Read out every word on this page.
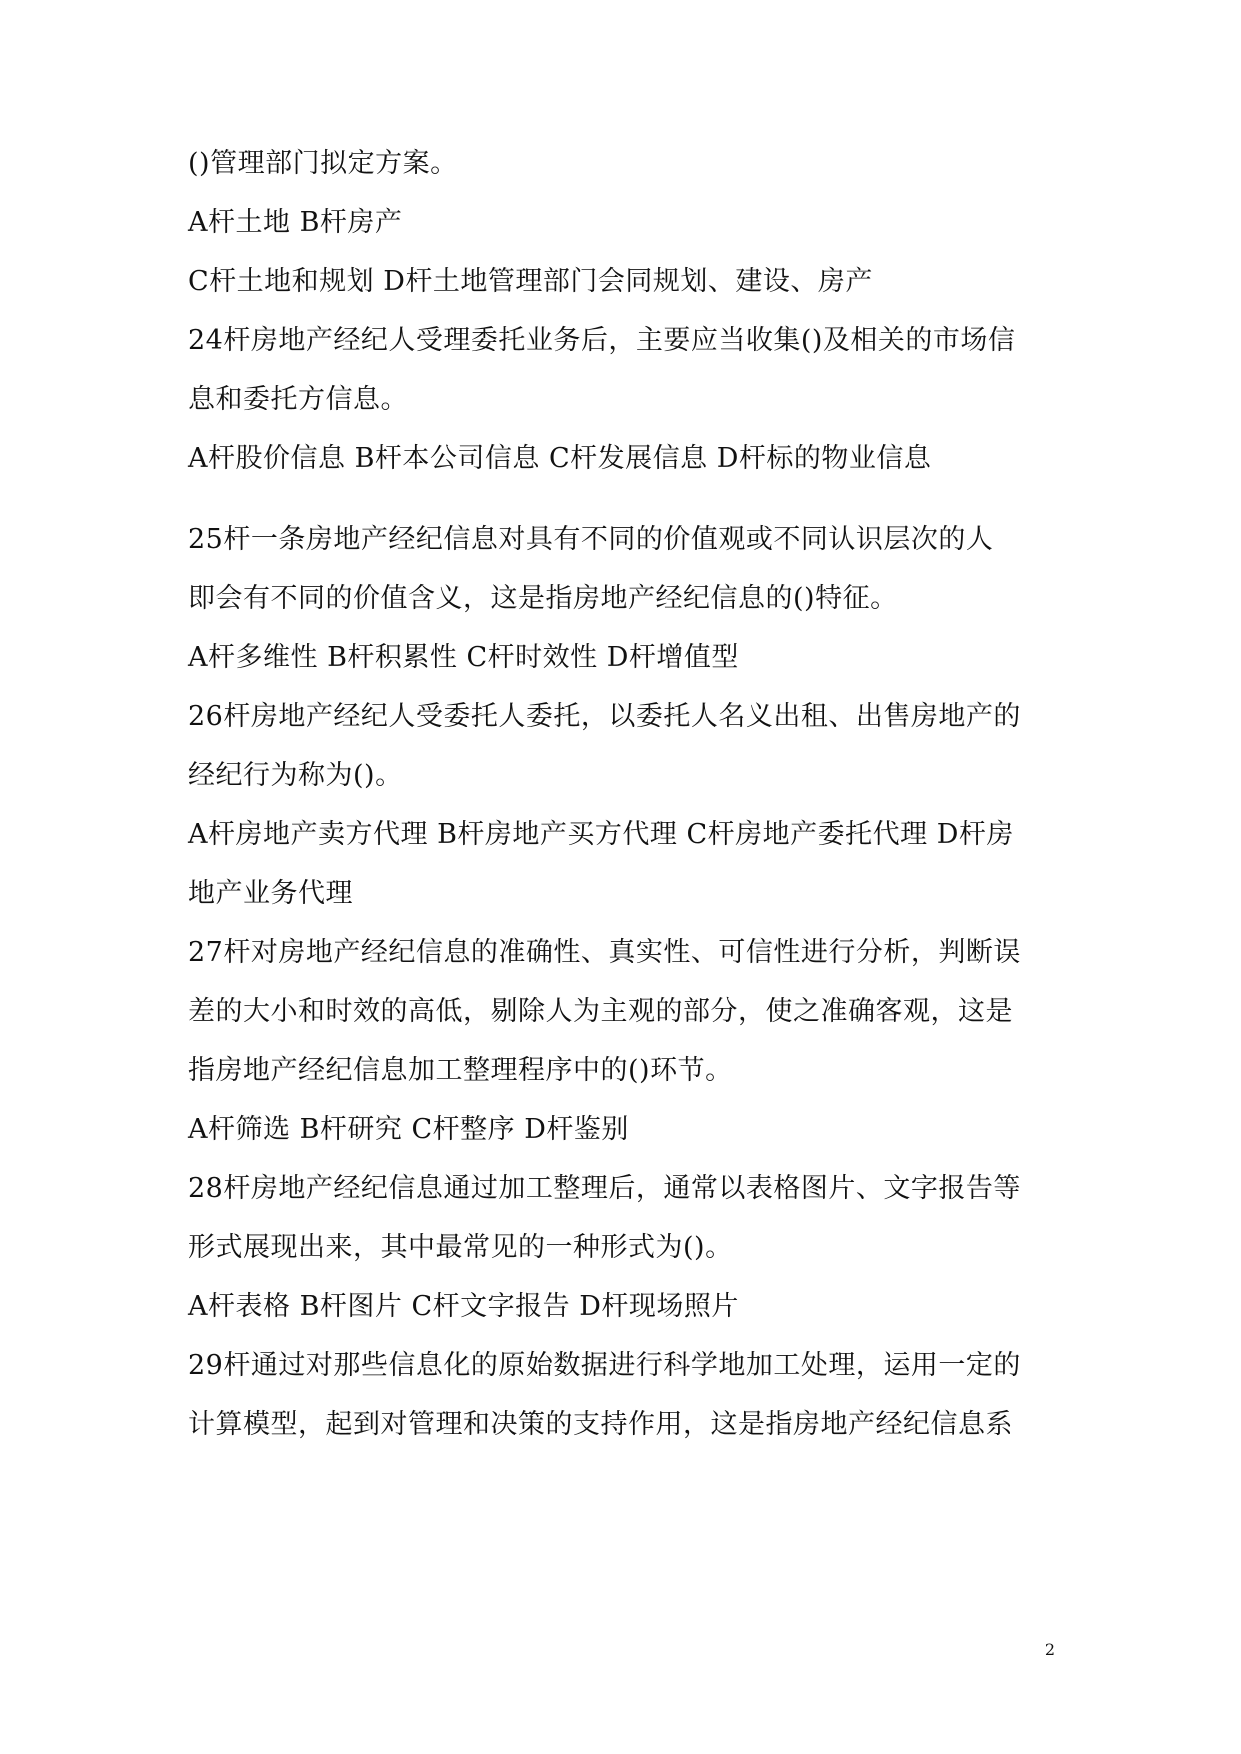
()管理部门拟定方案。
A杆土地 B杆房产
C杆土地和规划 D杆土地管理部门会同规划、建设、房产
24杆房地产经纪人受理委托业务后，主要应当收集()及相关的市场信
息和委托方信息。
A杆股价信息 B杆本公司信息 C杆发展信息 D杆标的物业信息
25杆一条房地产经纪信息对具有不同的价值观或不同认识层次的人
即会有不同的价值含义，这是指房地产经纪信息的()特征。
A杆多维性 B杆积累性 C杆时效性 D杆增值型
26杆房地产经纪人受委托人委托，以委托人名义出租、出售房地产的
经纪行为称为()。
A杆房地产卖方代理 B杆房地产买方代理 C杆房地产委托代理 D杆房
地产业务代理
27杆对房地产经纪信息的准确性、真实性、可信性进行分析，判断误
差的大小和时效的高低，剔除人为主观的部分，使之准确客观，这是
指房地产经纪信息加工整理程序中的()环节。
A杆筛选 B杆研究 C杆整序 D杆鉴别
28杆房地产经纪信息通过加工整理后，通常以表格图片、文字报告等
形式展现出来，其中最常见的一种形式为()。
A杆表格 B杆图片 C杆文字报告 D杆现场照片
29杆通过对那些信息化的原始数据进行科学地加工处理，运用一定的
计算模型，起到对管理和决策的支持作用，这是指房地产经纪信息系
2
